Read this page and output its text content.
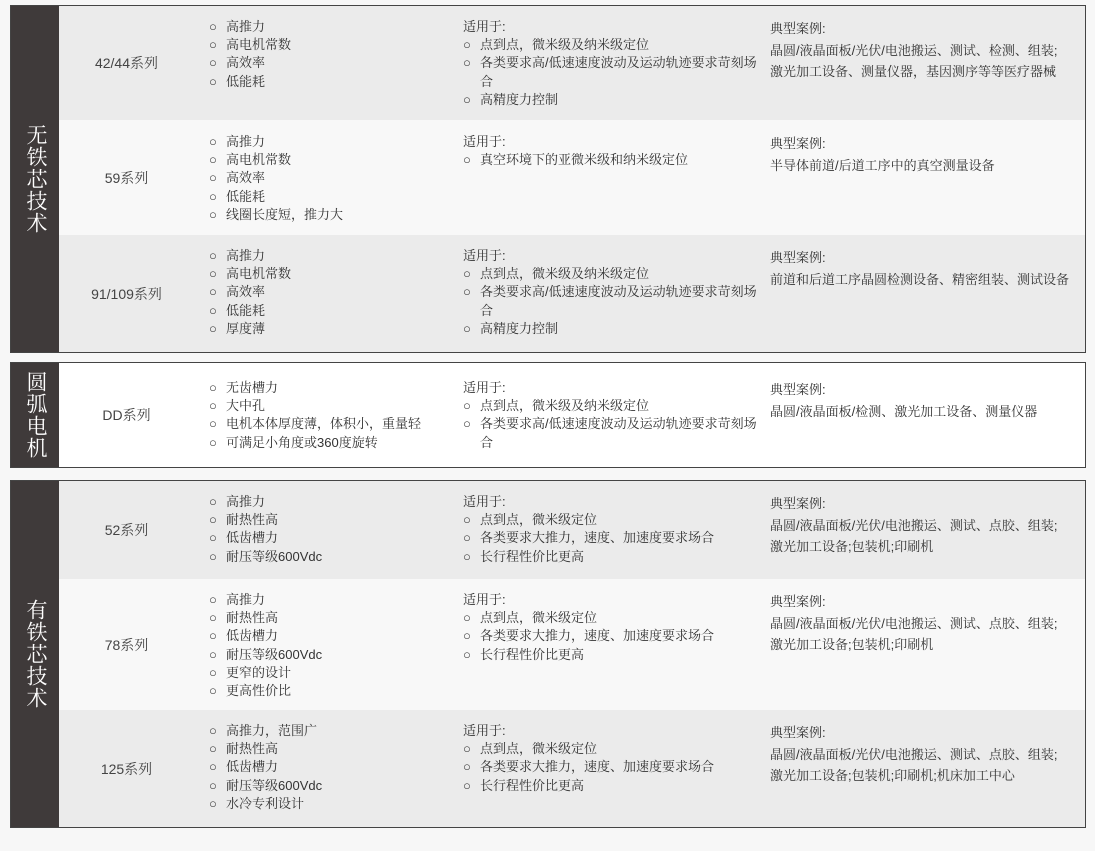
无铁芯技术
42/44系列
○ 高推力
○ 高电机常数
○ 高效率
○ 低能耗
适用于:
○ 点到点，微米级及纳米级定位
○ 各类要求高/低速速度波动及运动轨迹要求苛刻场合
○ 高精度力控制
典型案例:
晶圆/液晶面板/光伏/电池搬运、测试、检测、组装;
激光加工设备、测量仪器，基因测序等等医疗器械
59系列
○ 高推力
○ 高电机常数
○ 高效率
○ 低能耗
○ 线圈长度短，推力大
适用于:
○ 真空环境下的亚微米级和纳米级定位
典型案例:
半导体前道/后道工序中的真空测量设备
91/109系列
○ 高推力
○ 高电机常数
○ 高效率
○ 低能耗
○ 厚度薄
适用于:
○ 点到点，微米级及纳米级定位
○ 各类要求高/低速速度波动及运动轨迹要求苛刻场合
○ 高精度力控制
典型案例:
前道和后道工序晶圆检测设备、精密组装、测试设备
圆弧电机	DD系列
○ 无齿槽力
○ 大中孔
○ 电机本体厚度薄，体积小，重量轻
○ 可满足小角度或360度旋转
适用于:
○ 点到点，微米级及纳米级定位
○ 各类要求高/低速速度波动及运动轨迹要求苛刻场合
典型案例:
晶圆/液晶面板/检测、激光加工设备、测量仪器
有铁芯技术
52系列
○ 高推力
○ 耐热性高
○ 低齿槽力
○ 耐压等级600Vdc
适用于:
○ 点到点，微米级定位
○ 各类要求大推力，速度、加速度要求场合
○ 长行程性价比更高
典型案例:
晶圆/液晶面板/光伏/电池搬运、测试、点胶、组装;
激光加工设备;包装机;印刷机
78系列
○ 高推力
○ 耐热性高
○ 低齿槽力
○ 耐压等级600Vdc
○ 更窄的设计
○ 更高性价比
适用于:
○ 点到点，微米级定位
○ 各类要求大推力，速度、加速度要求场合
○ 长行程性价比更高
典型案例:
晶圆/液晶面板/光伏/电池搬运、测试、点胶、组装;
激光加工设备;包装机;印刷机
125系列
○ 高推力，范围广
○ 耐热性高
○ 低齿槽力
○ 耐压等级600Vdc
○ 水冷专利设计
适用于:
○ 点到点，微米级定位
○ 各类要求大推力，速度、加速度要求场合
○ 长行程性价比更高
典型案例:
晶圆/液晶面板/光伏/电池搬运、测试、点胶、组装;
激光加工设备;包装机;印刷机;机床加工中心
